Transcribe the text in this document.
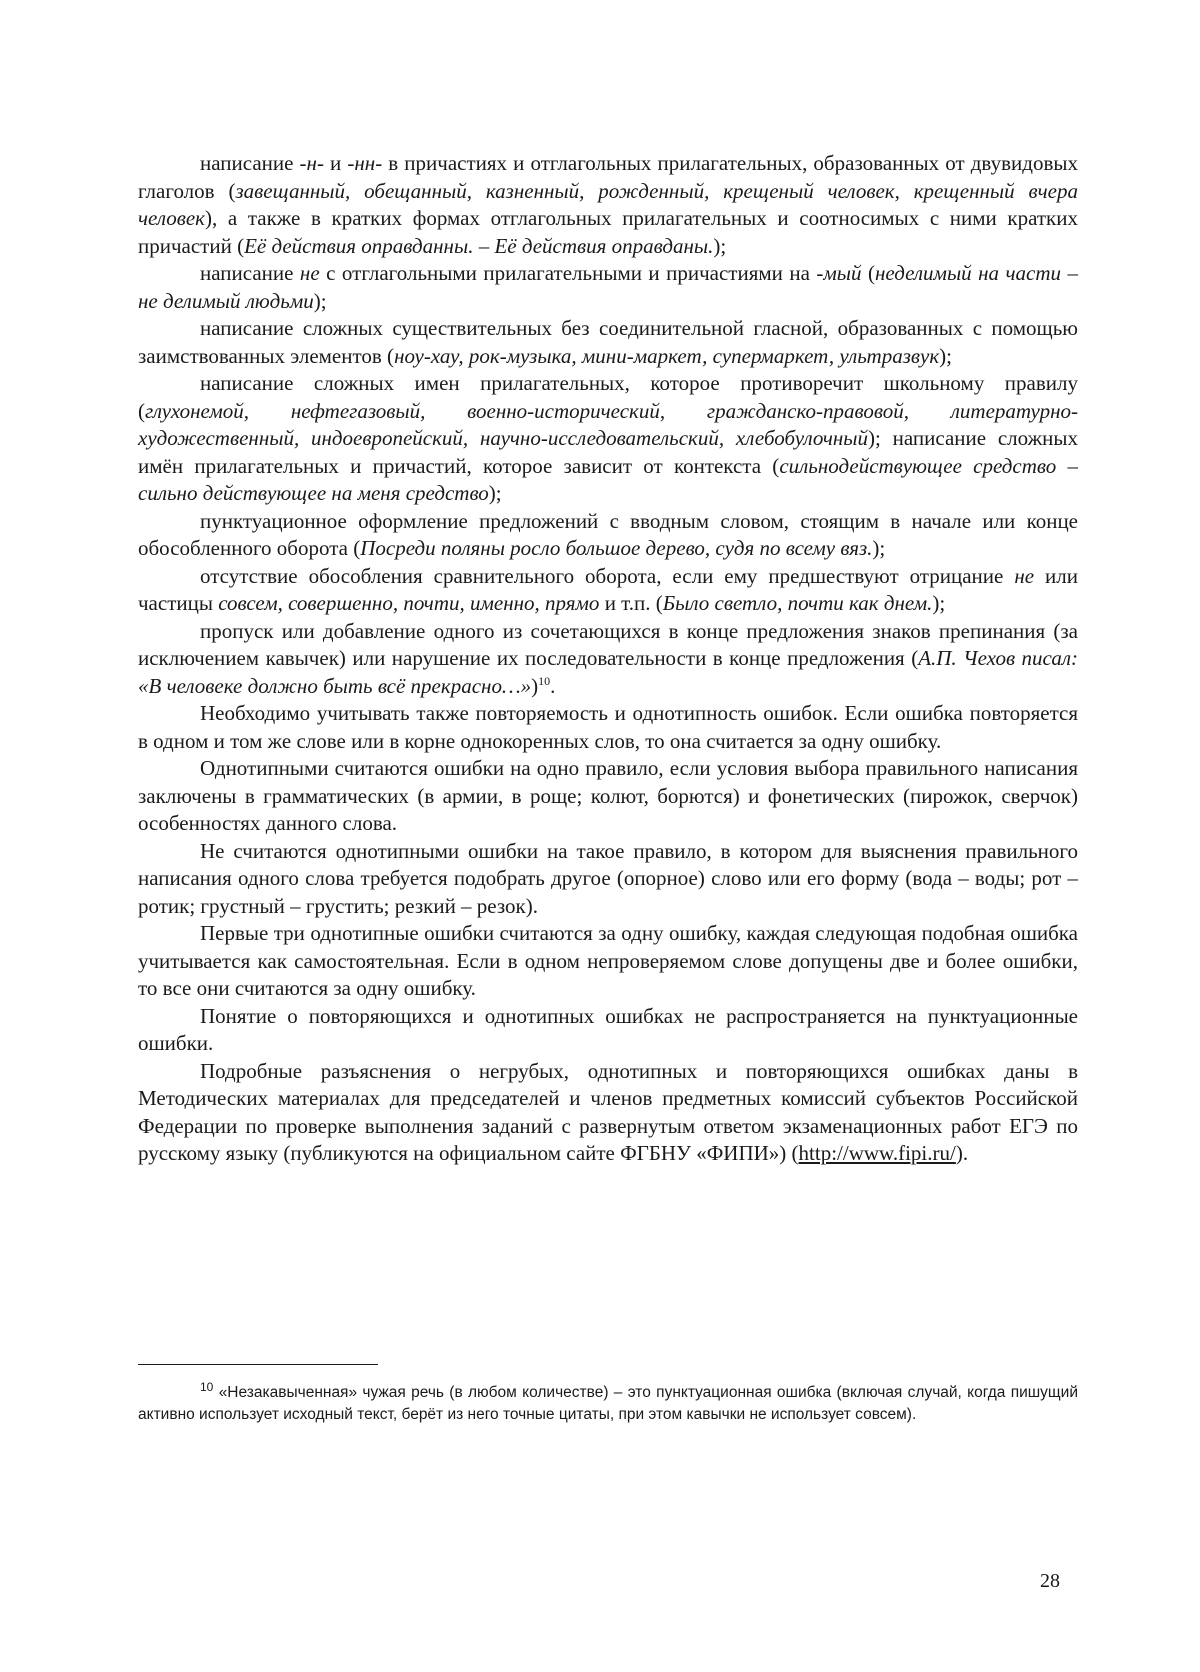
написание -н- и -нн- в причастиях и отглагольных прилагательных, образованных от двувидовых глаголов (завещанный, обещанный, казненный, рожденный, крещеный человек, крещенный вчера человек), а также в кратких формах отглагольных прилагательных и соотносимых с ними кратких причастий (Её действия оправданны. – Её действия оправданы.);

написание не с отглагольными прилагательными и причастиями на -мый (неделимый на части – не делимый людьми);

написание сложных существительных без соединительной гласной, образованных с помощью заимствованных элементов (ноу-хау, рок-музыка, мини-маркет, супермаркет, ультразвук);

написание сложных имен прилагательных, которое противоречит школьному правилу (глухонемой, нефтегазовый, военно-исторический, гражданско-правовой, литературно-художественный, индоевропейский, научно-исследовательский, хлебобулочный); написание сложных имён прилагательных и причастий, которое зависит от контекста (сильнодействующее средство – сильно действующее на меня средство);

пунктуационное оформление предложений с вводным словом, стоящим в начале или конце обособленного оборота (Посреди поляны росло большое дерево, судя по всему вяз.);

отсутствие обособления сравнительного оборота, если ему предшествуют отрицание не или частицы совсем, совершенно, почти, именно, прямо и т.п. (Было светло, почти как днем.);

пропуск или добавление одного из сочетающихся в конце предложения знаков препинания (за исключением кавычек) или нарушение их последовательности в конце предложения (А.П. Чехов писал: «В человеке должно быть всё прекрасно…»)$^{10}$.

Необходимо учитывать также повторяемость и однотипность ошибок. Если ошибка повторяется в одном и том же слове или в корне однокоренных слов, то она считается за одну ошибку.

Однотипными считаются ошибки на одно правило, если условия выбора правильного написания заключены в грамматических (в армии, в роще; колют, борются) и фонетических (пирожок, сверчок) особенностях данного слова.

Не считаются однотипными ошибки на такое правило, в котором для выяснения правильного написания одного слова требуется подобрать другое (опорное) слово или его форму (вода – воды; рот – ротик; грустный – грустить; резкий – резок).

Первые три однотипные ошибки считаются за одну ошибку, каждая следующая подобная ошибка учитывается как самостоятельная. Если в одном непроверяемом слове допущены две и более ошибки, то все они считаются за одну ошибку.

Понятие о повторяющихся и однотипных ошибках не распространяется на пунктуационные ошибки.

Подробные разъяснения о негрубых, однотипных и повторяющихся ошибках даны в Методических материалах для председателей и членов предметных комиссий субъектов Российской Федерации по проверке выполнения заданий с развернутым ответом экзаменационных работ ЕГЭ по русскому языку (публикуются на официальном сайте ФГБНУ «ФИПИ») (http://www.fipi.ru/).

$^{10}$ «Незакавыченная» чужая речь (в любом количестве) – это пунктуационная ошибка (включая случай, когда пишущий активно использует исходный текст, берёт из него точные цитаты, при этом кавычки не использует совсем).
28
